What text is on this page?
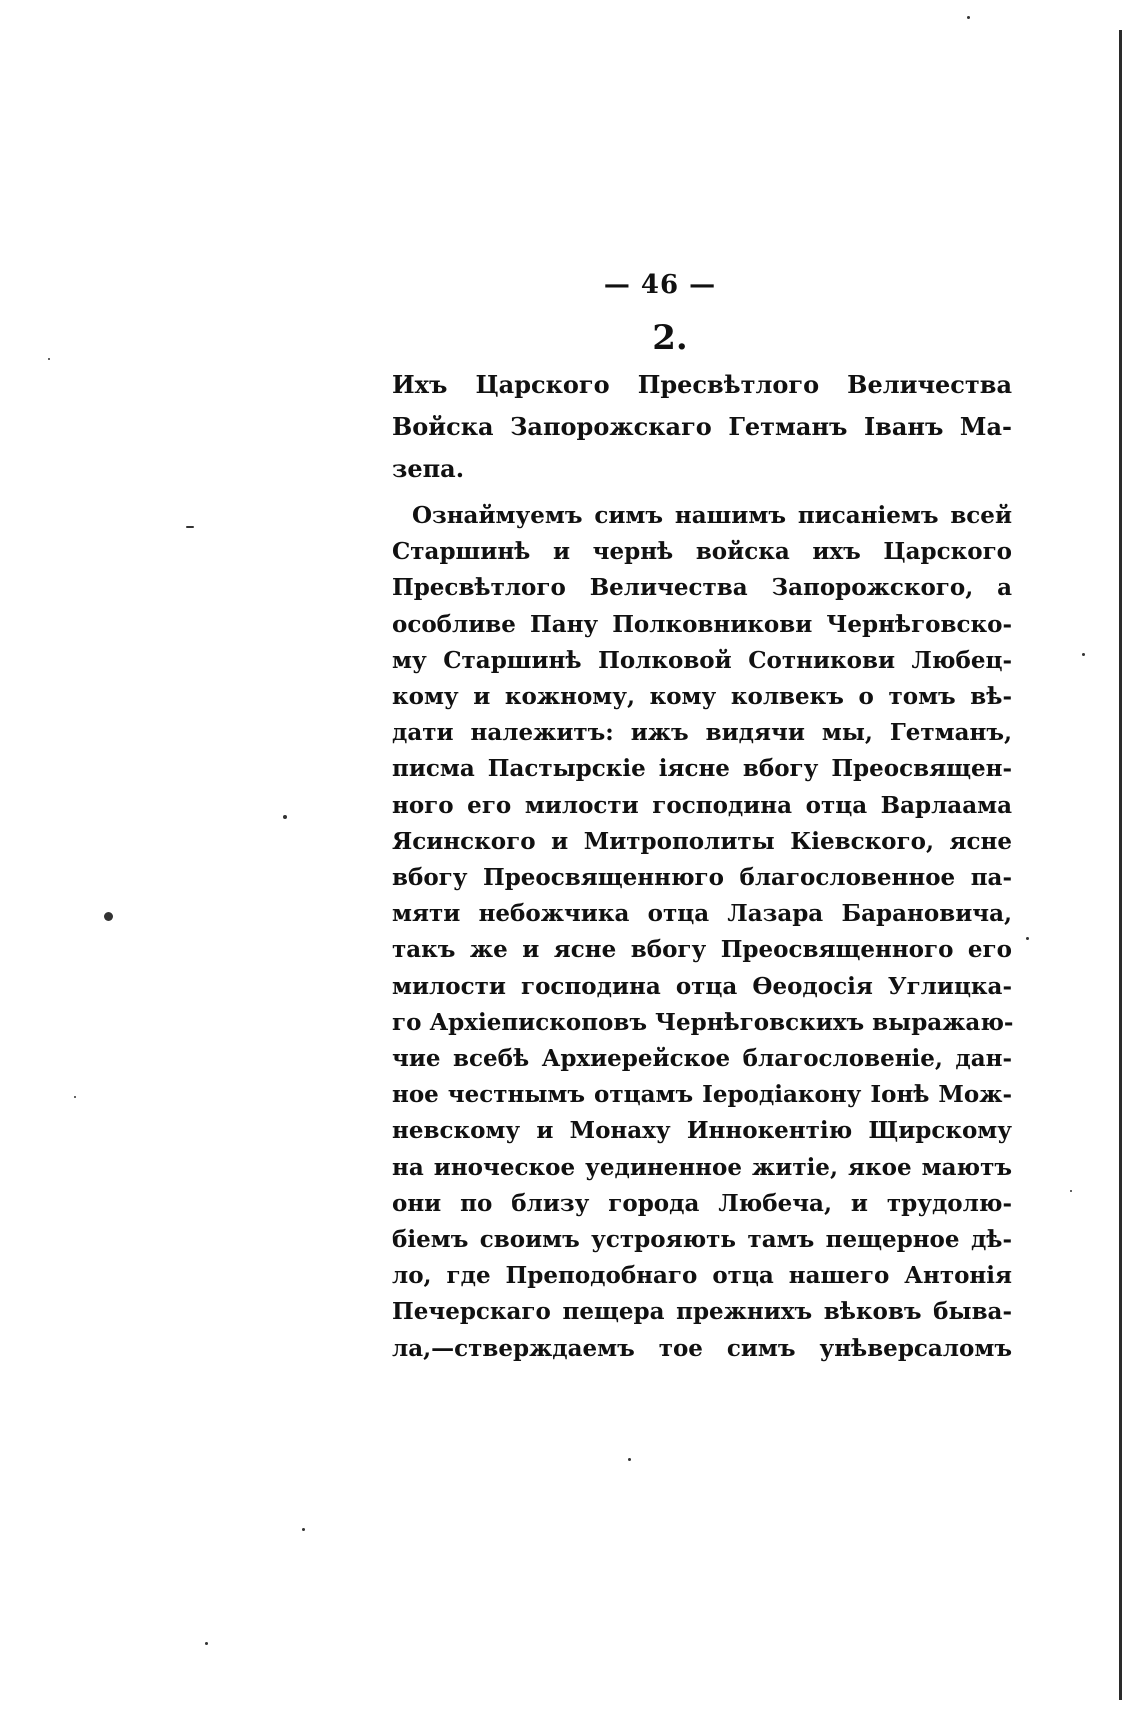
— 46 —
2.
Ихъ Царского Пресвѣтлого Величества
Войска Запорожскаго Гетманъ Іванъ Ма-
зепа.
Ознаймуемъ симъ нашимъ писаніемъ всей
Старшинѣ и чернѣ войска ихъ Царского
Пресвѣтлого Величества Запорожского, а
особливе Пану Полковникови Чернѣговско-
му Старшинѣ Полковой Сотникови Любец-
кому и кожному, кому колвекъ о томъ вѣ-
дати належитъ: ижъ видячи мы, Гетманъ,
писма Пастырскіе іясне вбогу Преосвящен-
ного его милости господина отца Варлаама
Ясинского и Митрополиты Кіевского, ясне
вбогу Преосвященнюго благословенное па-
мяти небожчика отца Лазара Барановича,
такъ же и ясне вбогу Преосвященного его
милости господина отца Өеодосія Углицка-
го Архіепископовъ Чернѣговскихъ выражаю-
чие всебѣ Архиерейское благословеніе, дан-
ное честнымъ отцамъ Іеродіакону Іонѣ Мож-
невскому и Монаху Иннокентію Щирскому
на иноческое уединенное житіе, якое маютъ
они по близу города Любеча, и трудолю-
біемъ своимъ устрояють тамъ пещерное дѣ-
ло, где Преподобнаго отца нашего Антонія
Печерскаго пещера прежнихъ вѣковъ бывa-
ла,—стверждаемъ тое симъ унѣверсаломъ
